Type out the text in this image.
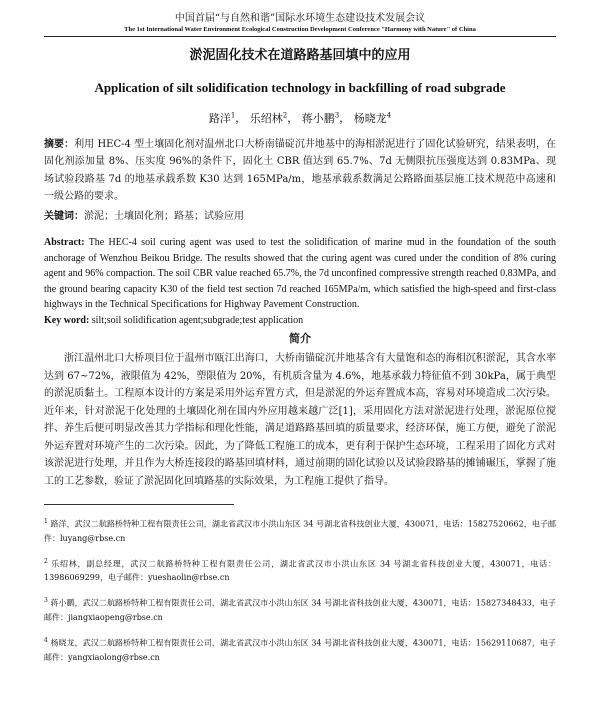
中国首届“与自然和谐”国际水环境生态建设技术发展会议
The 1st International Water Environment Ecological Construction Development Conference "Harmony with Nature" of China
淤泥固化技术在道路路基回填中的应用
Application of silt solidification technology in backfilling of road subgrade
路洋$^1$， 乐绍林$^2$， 蒋小鹏$^3$， 杨晓龙$^4$
摘要：利用 HEC-4 型土壤固化剂对温州北口大桥南锚碇沉井地基中的海相淤泥进行了固化试验研究，结果表明，在固化剂添加量 8%、压实度 96%的条件下，固化土 CBR 值达到 65.7%、7d 无侧限抗压强度达到 0.83MPa、现场试验段路基 7d 的地基承载系数 K30 达到 165MPa/m，地基承载系数满足公路路面基层施工技术规范中高速和一级公路的要求。
关键词：淤泥；土壤固化剂；路基；试验应用
Abstract: The HEC-4 soil curing agent was used to test the solidification of marine mud in the foundation of the south anchorage of Wenzhou Beikou Bridge. The results showed that the curing agent was cured under the condition of 8% curing agent and 96% compaction. The soil CBR value reached 65.7%, the 7d unconfined compressive strength reached 0.83MPa, and the ground bearing capacity K30 of the field test section 7d reached 165MPa/m, which satisfied the high-speed and first-class highways in the Technical Specifications for Highway Pavement Construction.
Key word: silt;soil solidification agent;subgrade;test application
简介
浙江温州北口大桥项目位于温州市瓯江出海口，大桥南锚碇沉井地基含有大量饱和态的海相沉积淤泥，其含水率达到 67~72%，液限值为 42%，塑限值为 20%，有机质含量为 4.6%，地基承载力特征值不到 30kPa，属于典型的淤泥质黏土。工程原本设计的方案是采用外运弃置方式，但是淤泥的外运弃置成本高，容易对环境造成二次污染。近年来，针对淤泥干化处理的土壤固化剂在国内外应用越来越广泛[1]，采用固化方法对淤泥进行处理，淤泥原位搅拌、养生后便可明显改善其力学指标和理化性能，满足道路路基回填的质量要求，经济环保，施工方便，避免了淤泥外运弃置对环境产生的二次污染。因此，为了降低工程施工的成本，更有利于保护生态环境，工程采用了固化方式对该淤泥进行处理，并且作为大桥连接段的路基回填材料，通过前期的固化试验以及试验段路基的摊铺碾压，掌握了施工的工艺参数，验证了淤泥固化回填路基的实际效果，为工程施工提供了指导。
$^1$ 路洋，武汉二航路桥特种工程有限责任公司，湖北省武汉市小洪山东区 34 号湖北省科技创业大厦，430071，电话：15827520662，电子邮件：luyang@rbse.cn
$^2$ 乐绍林，副总经理，武汉二航路桥特种工程有限责任公司，湖北省武汉市小洪山东区 34 号湖北省科技创业大厦，430071，电话：13986069299，电子邮件：yueshaolin@rbse.cn
$^3$ 蒋小鹏，武汉二航路桥特种工程有限责任公司，湖北省武汉市小洪山东区 34 号湖北省科技创业大厦，430071，电话：15827348433，电子邮件：jiangxiaopeng@rbse.cn
$^4$ 杨晓龙，武汉二航路桥特种工程有限责任公司，湖北省武汉市小洪山东区 34 号湖北省科技创业大厦，430071，电话：15629110687，电子邮件：yangxiaolong@rbse.cn
